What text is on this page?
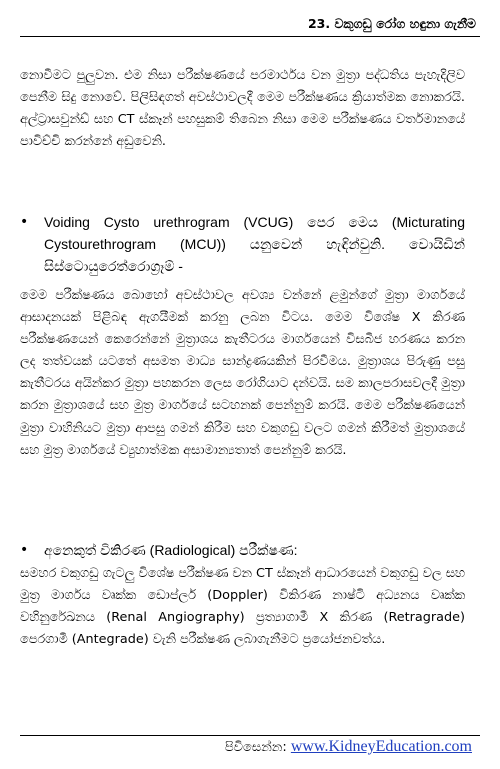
23. වකුගඩු රෝග හඳුනා ගැනීම

නොවීමට පුලුවන. එම නිසා පරීක්ෂණයේ පරමාර්ථය වන මුත්‍රා පද්ධතිය පැහැදිලිව පෙනීම සිදු නොවේ. පිලිසිඳගත් අවස්ථාවලදී මෙම පරීක්ෂණය ක්‍රියාත්මක නොකරයි. අල්ට්‍රාසවුන්ඩ් සහ CT ස්කෑන් පහසුකම් තිබෙන නිසා මෙම පරීක්ෂණය වර්තමානයේ පාවිච්චි කරන්නේ අඩුවෙනි.

•	Voiding Cysto urethrogram (VCUG) පෙර මෙය (Micturating
Cystourethrogram (MCU)) යනුවෙන් හැඳින්වුනි. වොයිඩින්
සිස්ටොයුරෙත්රොග්‍රෑම් -

මෙම පරීක්ෂණය බොහෝ අවස්ථාවල අවශ්‍ය වන්නේ ළමුන්ගේ මුත්‍රා මාර්ගයේ ආසාදනයක් පිළිබඳ ඇගයීමක් කරනු ලබන විටය. මෙම විශේෂ X කිරණ පරීක්ෂණයෙන් කෙරෙන්නේ මුත්‍රාශය කැතීටරය මාර්ගයෙන් විසබීජ හරණය කරන ලද තත්වයක් යටතේ අසමත මාධ්‍ය සාන්ද්‍රණයකින් පිරවීමය. මුත්‍රාශය පිරුණු පසු කැතීටරය අයින්කර මුත්‍රා පහකරන ලෙස රෝගියාට දන්වයි. සම කාලපරාසවලදී මුත්‍රා කරන මුත්‍රාශයේ සහ මුත්‍ර මාර්ගයේ සටහනක් පෙන්නුම් කරයි. මෙම පරීක්ෂණයෙන් මුත්‍රා වාහිනියට මුත්‍රා ආපසු ගමන් කිරීම සහ වකුගඩු වලට ගමන් කිරීමත් මුත්‍රාශයේ සහ මුත්‍ර මාර්ගයේ ව්‍යුහාත්මක අසාමාන්‍යතාත් පෙන්නුම් කරයි.

•	අනෙකුත් විකිරණ (Radiological) පරීක්ෂණ:

සමහර වකුගඩු ගැටලු විශේෂ පරීක්ෂණ වන CT ස්කෑන් ආධාරයෙන් වකුගඩු වල සහ මුත්‍ර මාර්ගය වෘක්ක ඩොප්ලර් (Doppler) විකිරණ නාෂ්ටි අධ්‍යනය වෘක්ක වහිනුරේඛනය (Renal Angiography) ප්‍රත්‍යාගාමී X කිරණ (Retragrade) පෙරගාමී (Antegrade) වැනි පරීක්ෂණ ලබාගැනීමට ප්‍රයෝජනවත්ය.

පිවිසෙන්න: www.KidneyEducation.com
